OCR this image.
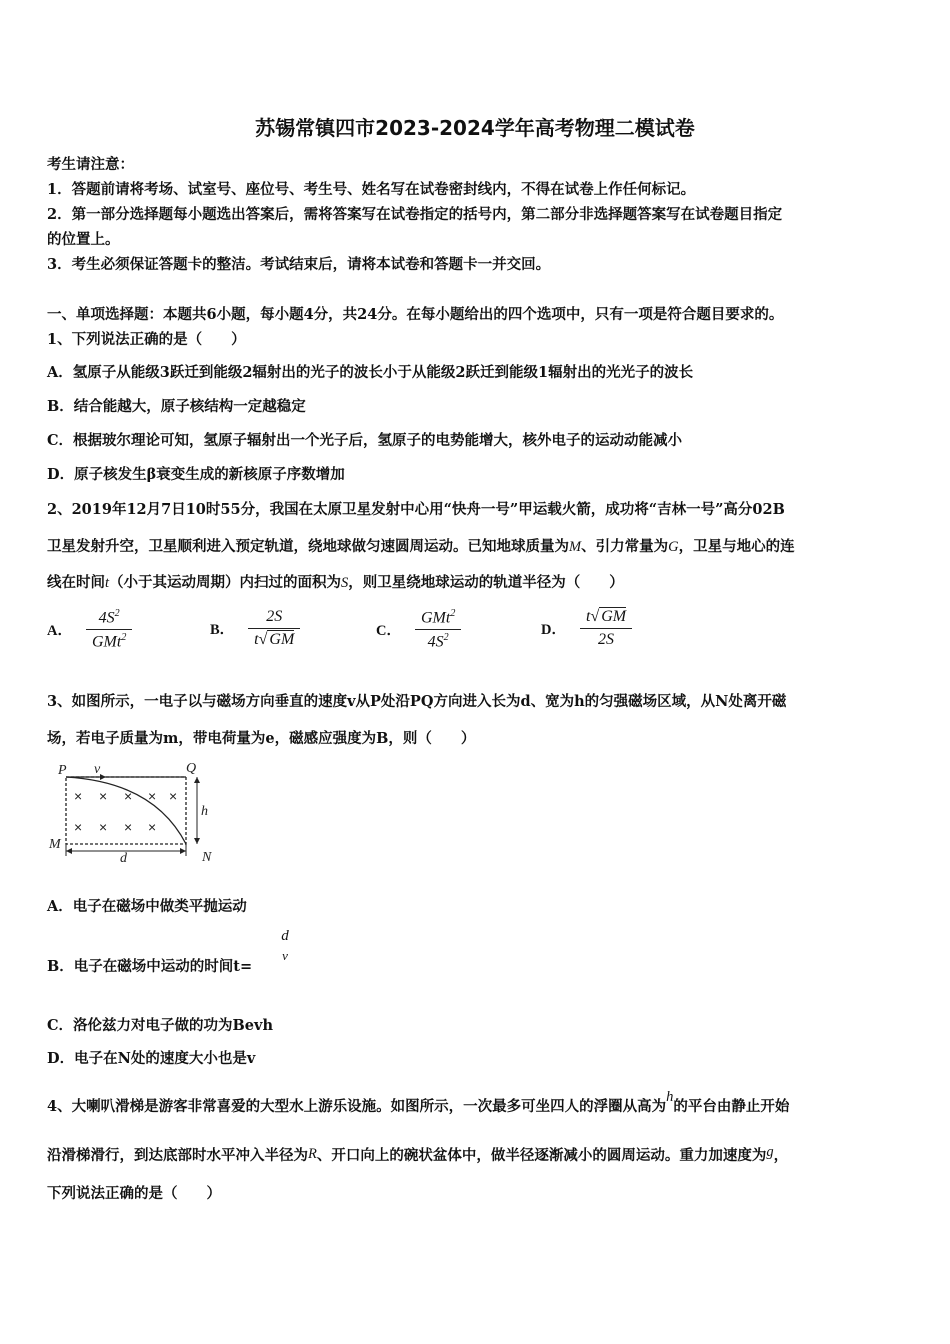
苏锡常镇四市2023-2024学年高考物理二模试卷
考生请注意：
1．答题前请将考场、试室号、座位号、考生号、姓名写在试卷密封线内，不得在试卷上作任何标记。
2．第一部分选择题每小题选出答案后，需将答案写在试卷指定的括号内，第二部分非选择题答案写在试卷题目指定
的位置上。
3．考生必须保证答题卡的整洁。考试结束后，请将本试卷和答题卡一并交回。
一、单项选择题：本题共6小题，每小题4分，共24分。在每小题给出的四个选项中，只有一项是符合题目要求的。
1、下列说法正确的是（　　）
A．氢原子从能级3跃迁到能级2辐射出的光子的波长小于从能级2跃迁到能级1辐射出的光光子的波长
B．结合能越大，原子核结构一定越稳定
C．根据玻尔理论可知，氢原子辐射出一个光子后，氢原子的电势能增大，核外电子的运动动能减小
D．原子核发生β衰变生成的新核原子序数增加
2、2019年12月7日10时55分，我国在太原卫星发射中心用“快舟一号”甲运载火箭，成功将“吉林一号”高分02B
卫星发射升空，卫星顺利进入预定轨道，绕地球做匀速圆周运动。已知地球质量为M、引力常量为G，卫星与地心的连
线在时间t（小于其运动周期）内扫过的面积为S，则卫星绕地球运动的轨道半径为（　　）
A． $\frac{4S^2}{GMt^2}$	B． $\frac{2S}{t√ GM}$	C． $\frac{GMt^2}{4S^2}$	D． $\frac{t√ GM}{2S}$
3、如图所示，一电子以与磁场方向垂直的速度v从P处沿PQ方向进入长为d、宽为h的匀强磁场区域，从N处离开磁
场，若电子质量为m，带电荷量为e，磁感应强度为B，则（　　）
× × × × ×
× × × ×
P v	Q
h
M
d	N
A．电子在磁场中做类平抛运动
B．电子在磁场中运动的时间t=
d
v
C．洛伦兹力对电子做的功为Bevh
D．电子在N处的速度大小也是v
4、大喇叭滑梯是游客非常喜爱的大型水上游乐设施。如图所示，一次最多可坐四人的浮圈从高为h的平台由静止开始
沿滑梯滑行，到达底部时水平冲入半径为R、开口向上的碗状盆体中，做半径逐渐减小的圆周运动。重力加速度为g，
下列说法正确的是（　　）
